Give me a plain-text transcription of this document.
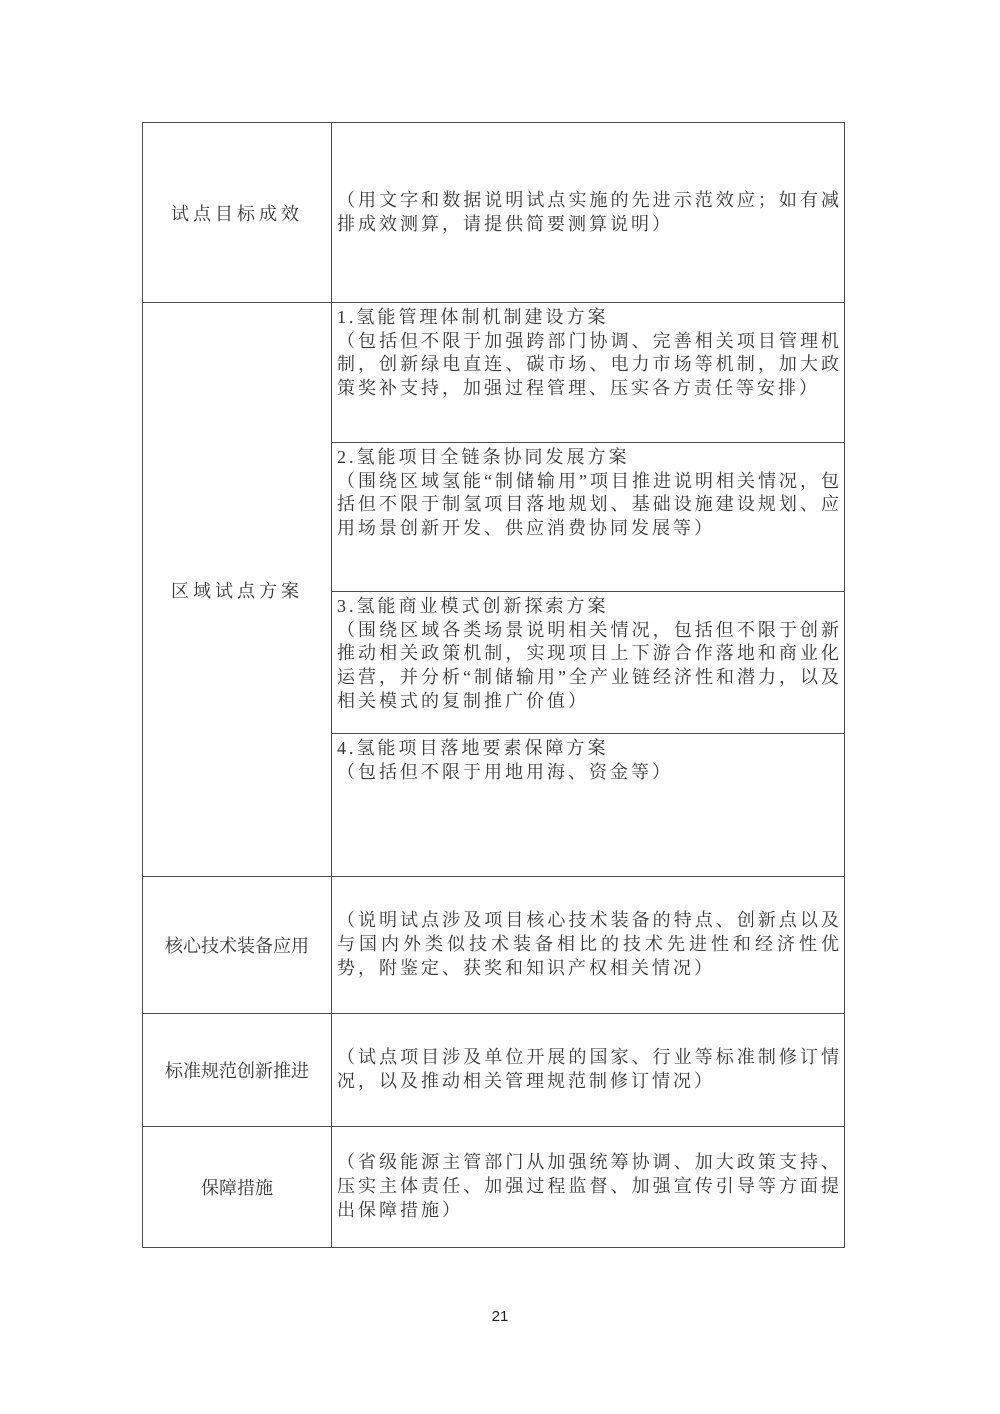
试点目标成效

（用文字和数据说明试点实施的先进示范效应；如有减排成效测算，请提供简要测算说明）

区域试点方案

1.氢能管理体制机制建设方案

（包括但不限于加强跨部门协调、完善相关项目管理机制，创新绿电直连、碳市场、电力市场等机制，加大政策奖补支持，加强过程管理、压实各方责任等安排）

2.氢能项目全链条协同发展方案

（围绕区域氢能“制储输用”项目推进说明相关情况，包括但不限于制氢项目落地规划、基础设施建设规划、应用场景创新开发、供应消费协同发展等）

3.氢能商业模式创新探索方案

（围绕区域各类场景说明相关情况，包括但不限于创新推动相关政策机制，实现项目上下游合作落地和商业化运营，并分析“制储输用”全产业链经济性和潜力，以及相关模式的复制推广价值）

4.氢能项目落地要素保障方案

（包括但不限于用地用海、资金等）

核心技术装备应用

（说明试点涉及项目核心技术装备的特点、创新点以及与国内外类似技术装备相比的技术先进性和经济性优势，附鉴定、获奖和知识产权相关情况）

标准规范创新推进

（试点项目涉及单位开展的国家、行业等标准制修订情况，以及推动相关管理规范制修订情况）

保障措施

（省级能源主管部门从加强统筹协调、加大政策支持、压实主体责任、加强过程监督、加强宣传引导等方面提出保障措施）

21
